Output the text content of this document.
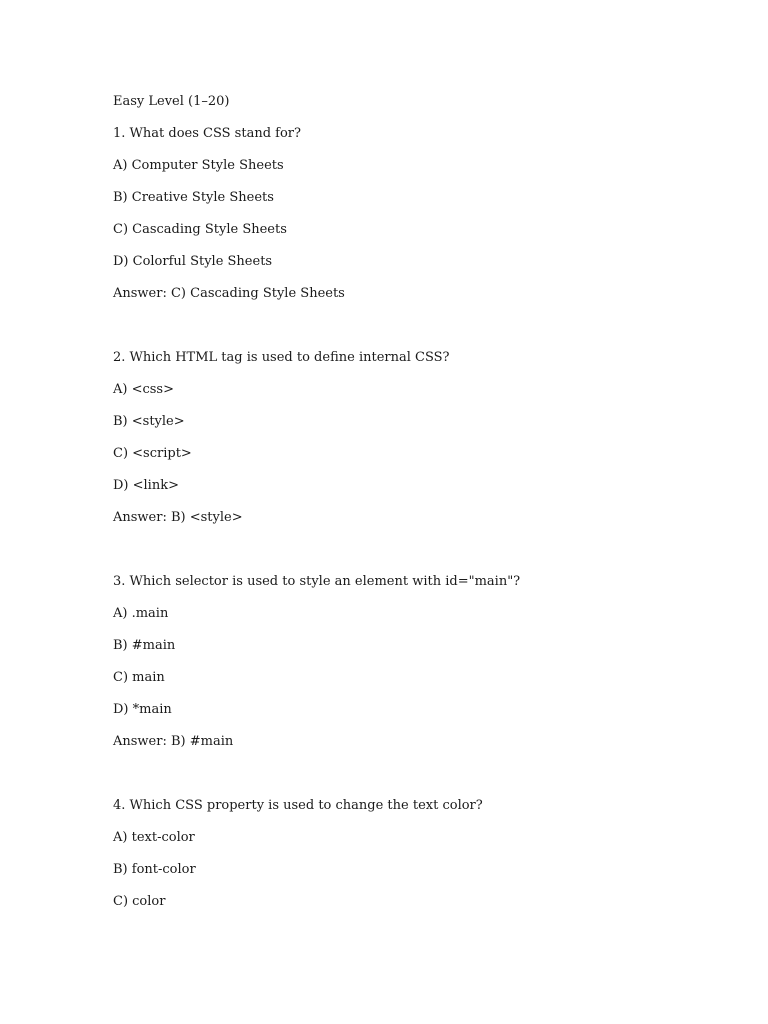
Easy Level (1–20)
1. What does CSS stand for?
A) Computer Style Sheets
B) Creative Style Sheets
C) Cascading Style Sheets
D) Colorful Style Sheets
Answer: C) Cascading Style Sheets
2. Which HTML tag is used to define internal CSS?
A) <css>
B) <style>
C) <script>
D) <link>
Answer: B) <style>
3. Which selector is used to style an element with id="main"?
A) .main
B) #main
C) main
D) *main
Answer: B) #main
4. Which CSS property is used to change the text color?
A) text-color
B) font-color
C) color
